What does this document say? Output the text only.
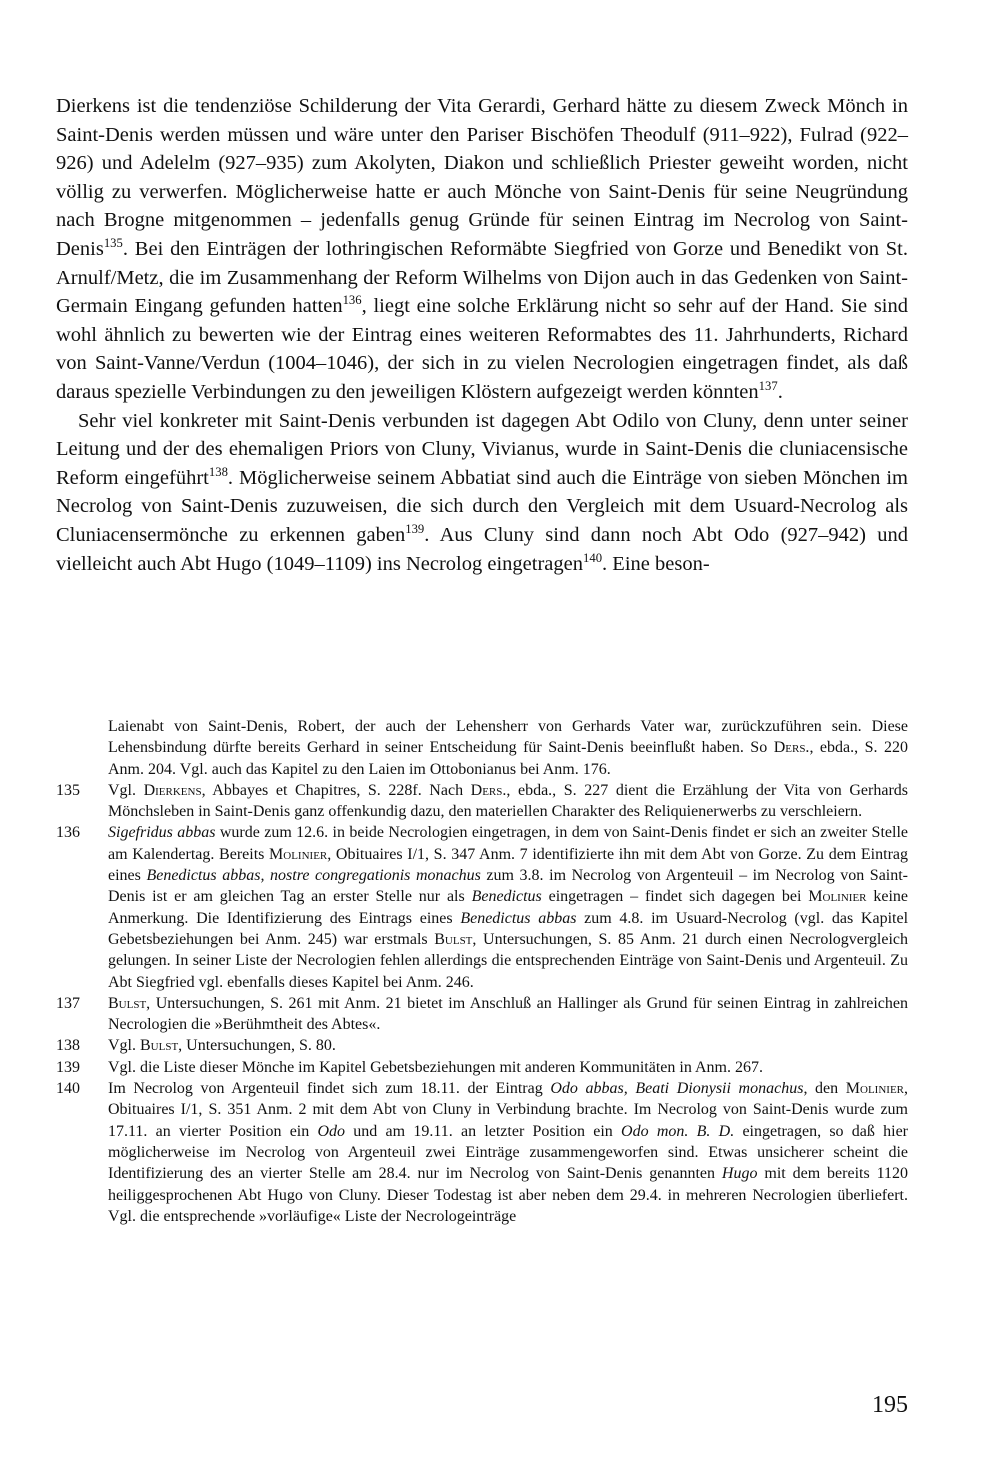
Dierkens ist die tendenziöse Schilderung der Vita Gerardi, Gerhard hätte zu diesem Zweck Mönch in Saint-Denis werden müssen und wäre unter den Pariser Bischöfen Theodulf (911–922), Fulrad (922–926) und Adelelm (927–935) zum Akolyten, Diakon und schließlich Priester geweiht worden, nicht völlig zu verwerfen. Möglicherweise hatte er auch Mönche von Saint-Denis für seine Neugründung nach Brogne mitgenommen – jedenfalls genug Gründe für seinen Eintrag im Necrolog von Saint-Denis$^{135}$. Bei den Einträgen der lothringischen Reformäbte Siegfried von Gorze und Benedikt von St. Arnulf/Metz, die im Zusammenhang der Reform Wilhelms von Dijon auch in das Gedenken von Saint-Germain Eingang gefunden hatten$^{136}$, liegt eine solche Erklärung nicht so sehr auf der Hand. Sie sind wohl ähnlich zu bewerten wie der Eintrag eines weiteren Reformabtes des 11. Jahrhunderts, Richard von Saint-Vanne/Verdun (1004–1046), der sich in zu vielen Necrologien eingetragen findet, als daß daraus spezielle Verbindungen zu den jeweiligen Klöstern aufgezeigt werden könnten$^{137}$.

Sehr viel konkreter mit Saint-Denis verbunden ist dagegen Abt Odilo von Cluny, denn unter seiner Leitung und der des ehemaligen Priors von Cluny, Vivianus, wurde in Saint-Denis die cluniacensische Reform eingeführt$^{138}$. Möglicherweise seinem Abbatiat sind auch die Einträge von sieben Mönchen im Necrolog von Saint-Denis zuzuweisen, die sich durch den Vergleich mit dem Usuard-Necrolog als Cluniacensermönche zu erkennen gaben$^{139}$. Aus Cluny sind dann noch Abt Odo (927–942) und vielleicht auch Abt Hugo (1049–1109) ins Necrolog eingetragen$^{140}$. Eine beson-

Laienabt von Saint-Denis, Robert, der auch der Lehensherr von Gerhards Vater war, zurückzuführen sein. Diese Lehensbindung dürfte bereits Gerhard in seiner Entscheidung für Saint-Denis beeinflußt haben. So Ders., ebda., S. 220 Anm. 204. Vgl. auch das Kapitel zu den Laien im Ottobonianus bei Anm. 176.

135	Vgl. Dierkens, Abbayes et Chapitres, S. 228f. Nach Ders., ebda., S. 227 dient die Erzählung der Vita von Gerhards Mönchsleben in Saint-Denis ganz offenkundig dazu, den materiellen Charakter des Reliquienerwerbs zu verschleiern.
136	Sigefridus abbas wurde zum 12.6. in beide Necrologien eingetragen, in dem von Saint-Denis findet er sich an zweiter Stelle am Kalendertag. Bereits Molinier, Obituaires I/1, S. 347 Anm. 7 identifizierte ihn mit dem Abt von Gorze. Zu dem Eintrag eines Benedictus abbas, nostre congregationis monachus zum 3.8. im Necrolog von Argenteuil – im Necrolog von Saint-Denis ist er am gleichen Tag an erster Stelle nur als Benedictus eingetragen – findet sich dagegen bei Molinier keine Anmerkung. Die Identifizierung des Eintrags eines Benedictus abbas zum 4.8. im Usuard-Necrolog (vgl. das Kapitel Gebetsbeziehungen bei Anm. 245) war erstmals Bulst, Untersuchungen, S. 85 Anm. 21 durch einen Necrologvergleich gelungen. In seiner Liste der Necrologien fehlen allerdings die entsprechenden Einträge von Saint-Denis und Argenteuil. Zu Abt Siegfried vgl. ebenfalls dieses Kapitel bei Anm. 246.
137	Bulst, Untersuchungen, S. 261 mit Anm. 21 bietet im Anschluß an Hallinger als Grund für seinen Eintrag in zahlreichen Necrologien die »Berühmtheit des Abtes«.
138	Vgl. Bulst, Untersuchungen, S. 80.
139	Vgl. die Liste dieser Mönche im Kapitel Gebetsbeziehungen mit anderen Kommunitäten in Anm. 267.
140	Im Necrolog von Argenteuil findet sich zum 18.11. der Eintrag Odo abbas, Beati Dionysii monachus, den Molinier, Obituaires I/1, S. 351 Anm. 2 mit dem Abt von Cluny in Verbindung brachte. Im Necrolog von Saint-Denis wurde zum 17.11. an vierter Position ein Odo und am 19.11. an letzter Position ein Odo mon. B. D. eingetragen, so daß hier möglicherweise im Necrolog von Argenteuil zwei Einträge zusammengeworfen sind. Etwas unsicherer scheint die Identifizierung des an vierter Stelle am 28.4. nur im Necrolog von Saint-Denis genannten Hugo mit dem bereits 1120 heiliggesprochenen Abt Hugo von Cluny. Dieser Todestag ist aber neben dem 29.4. in mehreren Necrologien überliefert. Vgl. die entsprechende »vorläufige« Liste der Necrologeinträge
195
